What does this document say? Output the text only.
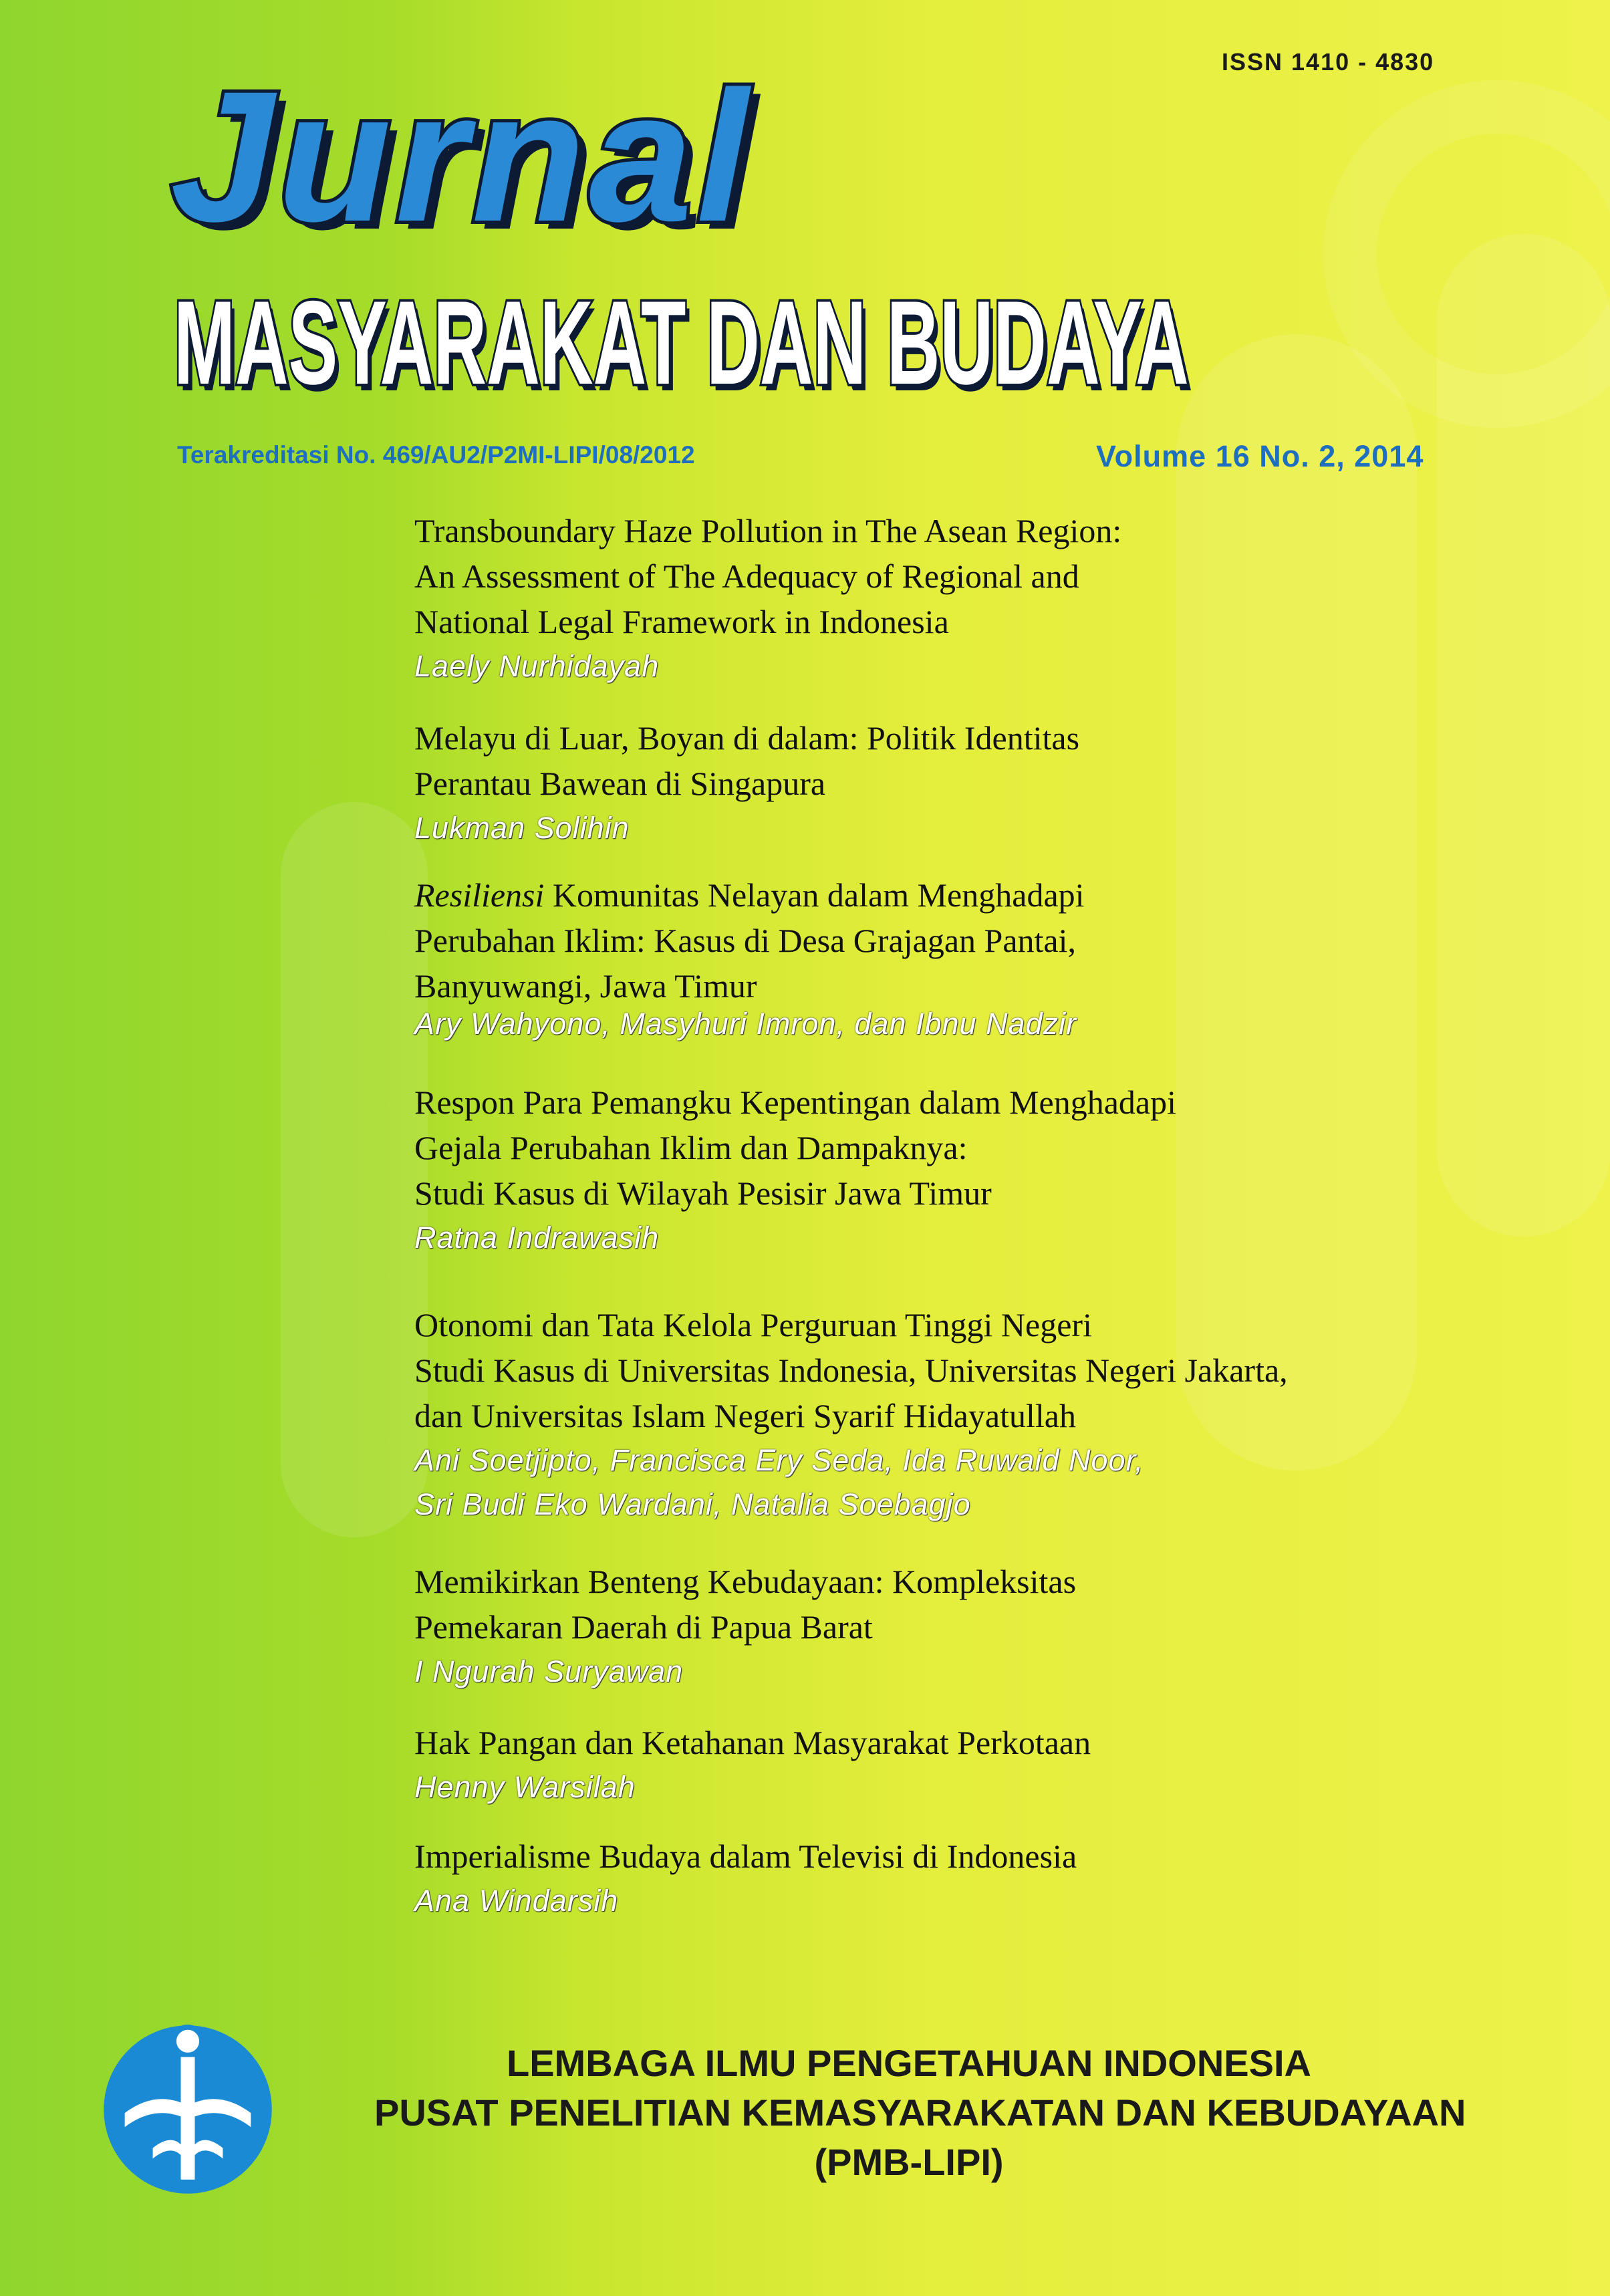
ISSN 1410 - 4830
Jurnal
MASYARAKAT DAN BUDAYA
Terakreditasi No. 469/AU2/P2MI-LIPI/08/2012	Volume 16 No. 2, 2014
Transboundary Haze Pollution in The Asean Region:
An Assessment of The Adequacy of Regional and
National Legal Framework in Indonesia
Laely Nurhidayah
Melayu di Luar, Boyan di dalam: Politik Identitas
Perantau Bawean di Singapura
Lukman Solihin
Resiliensi Komunitas Nelayan dalam Menghadapi
Perubahan Iklim: Kasus di Desa Grajagan Pantai,
Banyuwangi, Jawa Timur
Ary Wahyono, Masyhuri Imron, dan Ibnu Nadzir
Respon Para Pemangku Kepentingan dalam Menghadapi
Gejala Perubahan Iklim dan Dampaknya:
Studi Kasus di Wilayah Pesisir Jawa Timur
Ratna Indrawasih
Otonomi dan Tata Kelola Perguruan Tinggi Negeri
Studi Kasus di Universitas Indonesia, Universitas Negeri Jakarta,
dan Universitas Islam Negeri Syarif Hidayatullah
Ani Soetjipto, Francisca Ery Seda, Ida Ruwaid Noor,
Sri Budi Eko Wardani, Natalia Soebagjo
Memikirkan Benteng Kebudayaan: Kompleksitas
Pemekaran Daerah di Papua Barat
I Ngurah Suryawan
Hak Pangan dan Ketahanan Masyarakat Perkotaan
Henny Warsilah
Imperialisme Budaya dalam Televisi di Indonesia
Ana Windarsih
LEMBAGA ILMU PENGETAHUAN INDONESIA
PUSAT PENELITIAN KEMASYARAKATAN DAN KEBUDAYAAN
(PMB-LIPI)
